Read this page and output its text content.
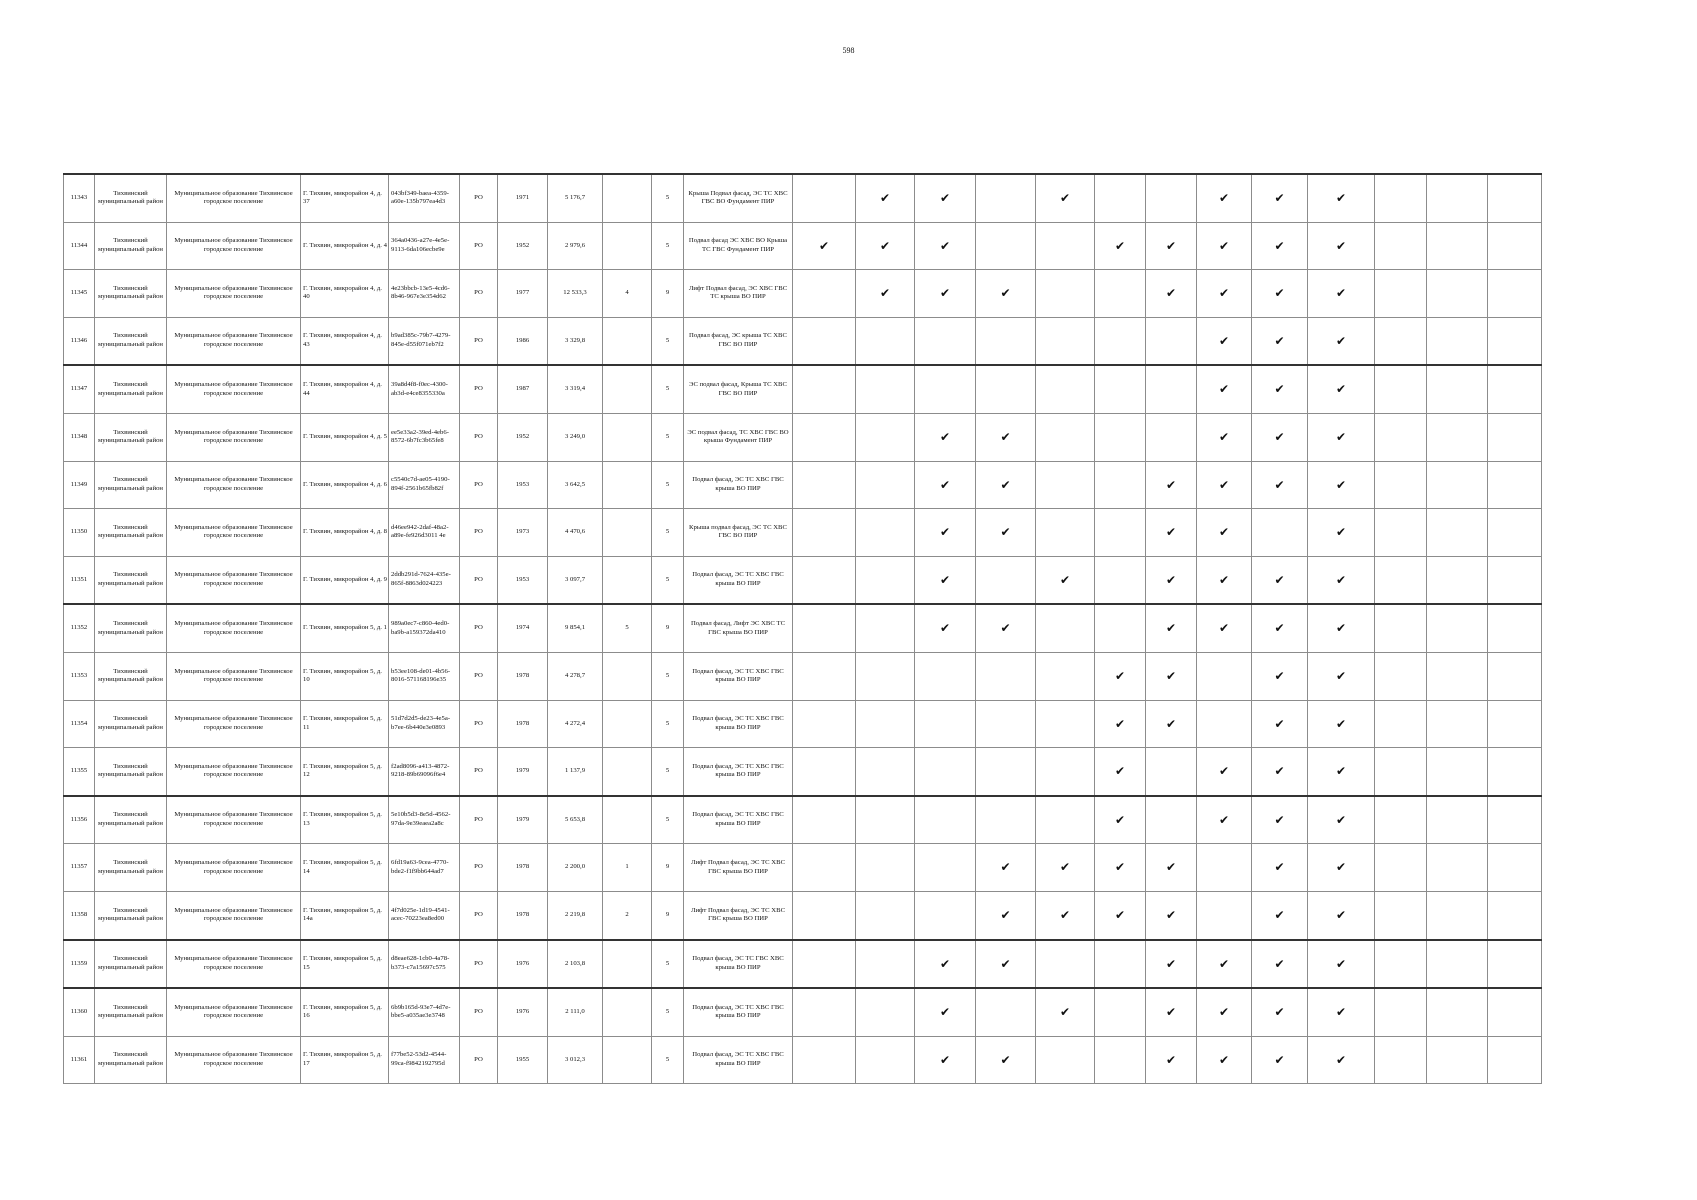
598
11343	Тихвинский муниципальный район	Муниципальное образование Тихвинское городское поселение	Г. Тихвин, микрорайон 4, д. 37	043bf349-baea-4359-a60e-135b797ea4d3	РО	1971	5 176,7		5	Крыша Подвал фасад, ЭС ТС ХВС ГВС ВО Фундамент ПИР		✔	✔		✔			✔	✔	✔			
11344	Тихвинский муниципальный район	Муниципальное образование Тихвинское городское поселение	Г. Тихвин, микрорайон 4, д. 4	364a0436-a27e-4e5e-9113-6da106ecbe9e	РО	1952	2 979,6		5	Подвал фасад ЭС ХВС ВО Крыша ТС ГВС Фундамент ПИР	✔	✔	✔			✔	✔	✔	✔	✔			
11345	Тихвинский муниципальный район	Муниципальное образование Тихвинское городское поселение	Г. Тихвин, микрорайон 4, д. 40	4e23bbcb-13e5-4cd6-8b46-967e3e354d62	РО	1977	12 533,3	4	9	Лифт Подвал фасад, ЭС ХВС ГВС ТС крыша ВО ПИР		✔	✔	✔			✔	✔	✔	✔			
11346	Тихвинский муниципальный район	Муниципальное образование Тихвинское городское поселение	Г. Тихвин, микрорайон 4, д. 43	b9ad385c-79b7-4279-845e-d55f071eb7f2	РО	1986	3 329,8		5	Подвал фасад, ЭС крыша ТС ХВС ГВС ВО ПИР								✔	✔	✔			
11347	Тихвинский муниципальный район	Муниципальное образование Тихвинское городское поселение	Г. Тихвин, микрорайон 4, д. 44	39a8d4f8-f0ec-4300-ab3d-e4ce8355330a	РО	1987	3 319,4		5	ЭС подвал фасад, Крыша ТС ХВС ГВС ВО ПИР								✔	✔	✔			
11348	Тихвинский муниципальный район	Муниципальное образование Тихвинское городское поселение	Г. Тихвин, микрорайон 4, д. 5	ee5e33a2-39ed-4eb6-8572-6b7fc3b65fe8	РО	1952	3 249,0		5	ЭС подвал фасад, ТС ХВС ГВС ВО крыша Фундамент ПИР			✔	✔				✔	✔	✔			
11349	Тихвинский муниципальный район	Муниципальное образование Тихвинское городское поселение	Г. Тихвин, микрорайон 4, д. 6	c5540c7d-ae05-4190-894f-2561b65fb82f	РО	1953	3 642,5		5	Подвал фасад, ЭС ТС ХВС ГВС крыша ВО ПИР			✔	✔			✔	✔	✔	✔			
11350	Тихвинский муниципальный район	Муниципальное образование Тихвинское городское поселение	Г. Тихвин, микрорайон 4, д. 8	d46ee942-2daf-48a2-a89e-fe926d3011 4e	РО	1973	4 470,6		5	Крыша подвал фасад, ЭС ТС ХВС ГВС ВО ПИР			✔	✔			✔	✔		✔			
11351	Тихвинский муниципальный район	Муниципальное образование Тихвинское городское поселение	Г. Тихвин, микрорайон 4, д. 9	2ddb291d-7624-435e-865f-8863d024223	РО	1953	3 097,7		5	Подвал фасад, ЭС ТС ХВС ГВС крыша ВО ПИР			✔		✔		✔	✔	✔	✔			
11352	Тихвинский муниципальный район	Муниципальное образование Тихвинское городское поселение	Г. Тихвин, микрорайон 5, д. 1	989a0ec7-c860-4ed0-ba9b-a159372da410	РО	1974	9 854,1	5	9	Подвал фасад, Лифт ЭС ХВС ТС ГВС крыша ВО ПИР			✔	✔			✔	✔	✔	✔			
11353	Тихвинский муниципальный район	Муниципальное образование Тихвинское городское поселение	Г. Тихвин, микрорайон 5, д. 10	b53ee108-de01-4b56-8016-571168196e35	РО	1978	4 278,7		5	Подвал фасад, ЭС ТС ХВС ГВС крыша ВО ПИР						✔	✔		✔	✔			
11354	Тихвинский муниципальный район	Муниципальное образование Тихвинское городское поселение	Г. Тихвин, микрорайон 5, д. 11	51d7d2d5-de23-4e5a-b7ee-6b440e3e0893	РО	1978	4 272,4		5	Подвал фасад, ЭС ТС ХВС ГВС крыша ВО ПИР						✔	✔		✔	✔			
11355	Тихвинский муниципальный район	Муниципальное образование Тихвинское городское поселение	Г. Тихвин, микрорайон 5, д. 12	f2ad8096-a413-4872-9218-89b69096f6e4	РО	1979	1 137,9		5	Подвал фасад, ЭС ТС ХВС ГВС крыша ВО ПИР						✔		✔	✔	✔			
11356	Тихвинский муниципальный район	Муниципальное образование Тихвинское городское поселение	Г. Тихвин, микрорайон 5, д. 13	5e10b5d3-8e5d-4562-97da-9e39eaea2a8c	РО	1979	5 653,8		5	Подвал фасад, ЭС ТС ХВС ГВС крыша ВО ПИР						✔		✔	✔	✔			
11357	Тихвинский муниципальный район	Муниципальное образование Тихвинское городское поселение	Г. Тихвин, микрорайон 5, д. 14	6fd19a63-9cea-4770-bde2-f1f9bb644ad7	РО	1978	2 200,0	1	9	Лифт Подвал фасад, ЭС ТС ХВС ГВС крыша ВО ПИР				✔	✔	✔	✔		✔	✔			
11358	Тихвинский муниципальный район	Муниципальное образование Тихвинское городское поселение	Г. Тихвин, микрорайон 5, д. 14а	4f7d025e-1d19-4541-acec-70223ea8ed00	РО	1978	2 219,8	2	9	Лифт Подвал фасад, ЭС ТС ХВС ГВС крыша ВО ПИР				✔	✔	✔	✔		✔	✔			
11359	Тихвинский муниципальный район	Муниципальное образование Тихвинское городское поселение	Г. Тихвин, микрорайон 5, д. 15	d8eae628-1cb0-4a78-b373-c7a15697c575	РО	1976	2 103,8		5	Подвал фасад, ЭС ТС ГВС ХВС крыша ВО ПИР			✔	✔			✔	✔	✔	✔			
11360	Тихвинский муниципальный район	Муниципальное образование Тихвинское городское поселение	Г. Тихвин, микрорайон 5, д. 16	6b9b165d-93e7-4d7e-bbe5-a035ae3e3748	РО	1976	2 111,0		5	Подвал фасад, ЭС ТС ХВС ГВС крыша ВО ПИР			✔		✔		✔	✔	✔	✔			
11361	Тихвинский муниципальный район	Муниципальное образование Тихвинское городское поселение	Г. Тихвин, микрорайон 5, д. 17	f77be52-53d2-4544-99ca-f9842192795d	РО	1955	3 012,3		5	Подвал фасад, ЭС ТС ХВС ГВС крыша ВО ПИР			✔	✔			✔	✔	✔	✔			
